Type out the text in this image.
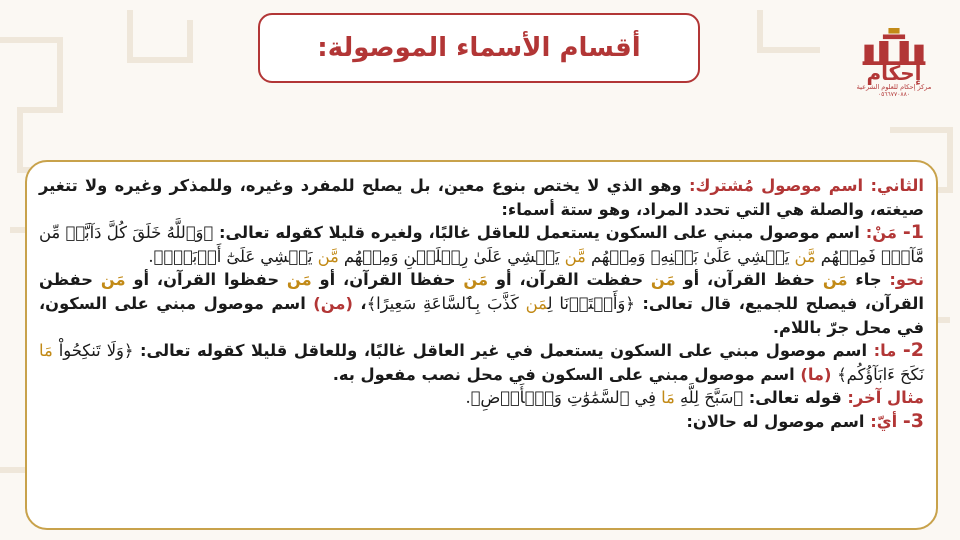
أقسام الأسماء الموصولة:
إحكام
مركز إحكام للعلوم الشرعية
٠٥٦٦٧٧٠٨٨٠

الثاني: اسم موصول مُشترك: وهو الذي لا يختص بنوع معين، بل يصلح للمفرد وغيره، وللمذكر وغيره ولا تتغير صيغته، والصلة هي التي تحدد المراد، وهو ستة أسماء:

1- مَنْ: اسم موصول مبني على السكون يستعمل للعاقل غالبًا، ولغيره قليلا كقوله تعالى: ﴿وَٱللَّهُ خَلَقَ كُلَّ دَآبَّةٖ مِّن مَّآءٖۖ فَمِنۡهُم مَّن يَمۡشِي عَلَىٰ بَطۡنِهِۦ وَمِنۡهُم مَّن يَمۡشِي عَلَىٰ رِجۡلَيۡنِ وَمِنۡهُم مَّن يَمۡشِي عَلَىٰٓ أَرۡبَعٖۚ﴾.

نحو: جاء مَن حفظ القرآن، أو مَن حفظت القرآن، أو مَن حفظا القرآن، أو مَن حفظوا القرآن، أو مَن حفظن القرآن، فيصلح للجميع، قال تعالى: ﴿وَأَعۡتَدۡنَا لِمَن كَذَّبَ بِٱلسَّاعَةِ سَعِيرًا﴾، (من) اسم موصول مبني على السكون، في محل جرّ باللام.

2- ما: اسم موصول مبني على السكون يستعمل في غير العاقل غالبًا، وللعاقل قليلا كقوله تعالى: ﴿وَلَا تَنكِحُواْ مَا نَكَحَ ءَابَآؤُكُم﴾ (ما) اسم موصول مبني على السكون في محل نصب مفعول به.

مثال آخر: قوله تعالى: ﴿سَبَّحَ لِلَّهِ مَا فِي ٱلسَّمَٰوَٰتِ وَٱلۡأَرۡضِ﴾.

3- أيّ: اسم موصول له حالان:
